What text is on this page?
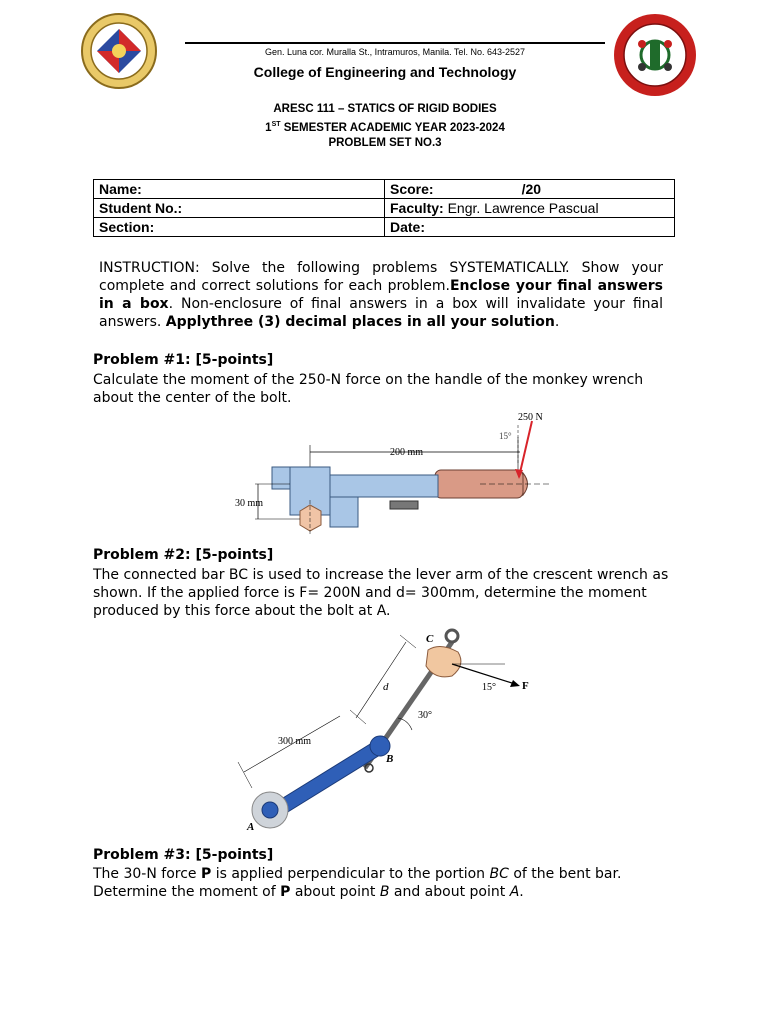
Gen. Luna cor. Muralla St., Intramuros, Manila. Tel. No. 643-2527
College of Engineering and Technology
ARESC 111 – STATICS OF RIGID BODIES
1ST SEMESTER ACADEMIC YEAR 2023-2024
PROBLEM SET NO.3
Name:	Score: /20
Student No.:	Faculty: Engr. Lawrence Pascual
Section:	Date:
INSTRUCTION: Solve the following problems SYSTEMATICALLY. Show your complete and correct solutions for each problem.Enclose your final answers in a box. Non-enclosure of final answers in a box will invalidate your final answers. Applythree (3) decimal places in all your solution.
Problem #1: [5-points]
Calculate the moment of the 250-N force on the handle of the monkey wrench about the center of the bolt.
200 mm
30 mm
250 N
15°
Problem #2: [5-points]
The connected bar BC is used to increase the lever arm of the crescent wrench as shown. If the applied force is F= 200N and d= 300mm, determine the moment produced by this force about the bolt at A.
C
d	15° F
30°
300 mm
B
A
Problem #3: [5-points]
The 30-N force P is applied perpendicular to the portion BC of the bent bar.
Determine the moment of P about point B and about point A.
